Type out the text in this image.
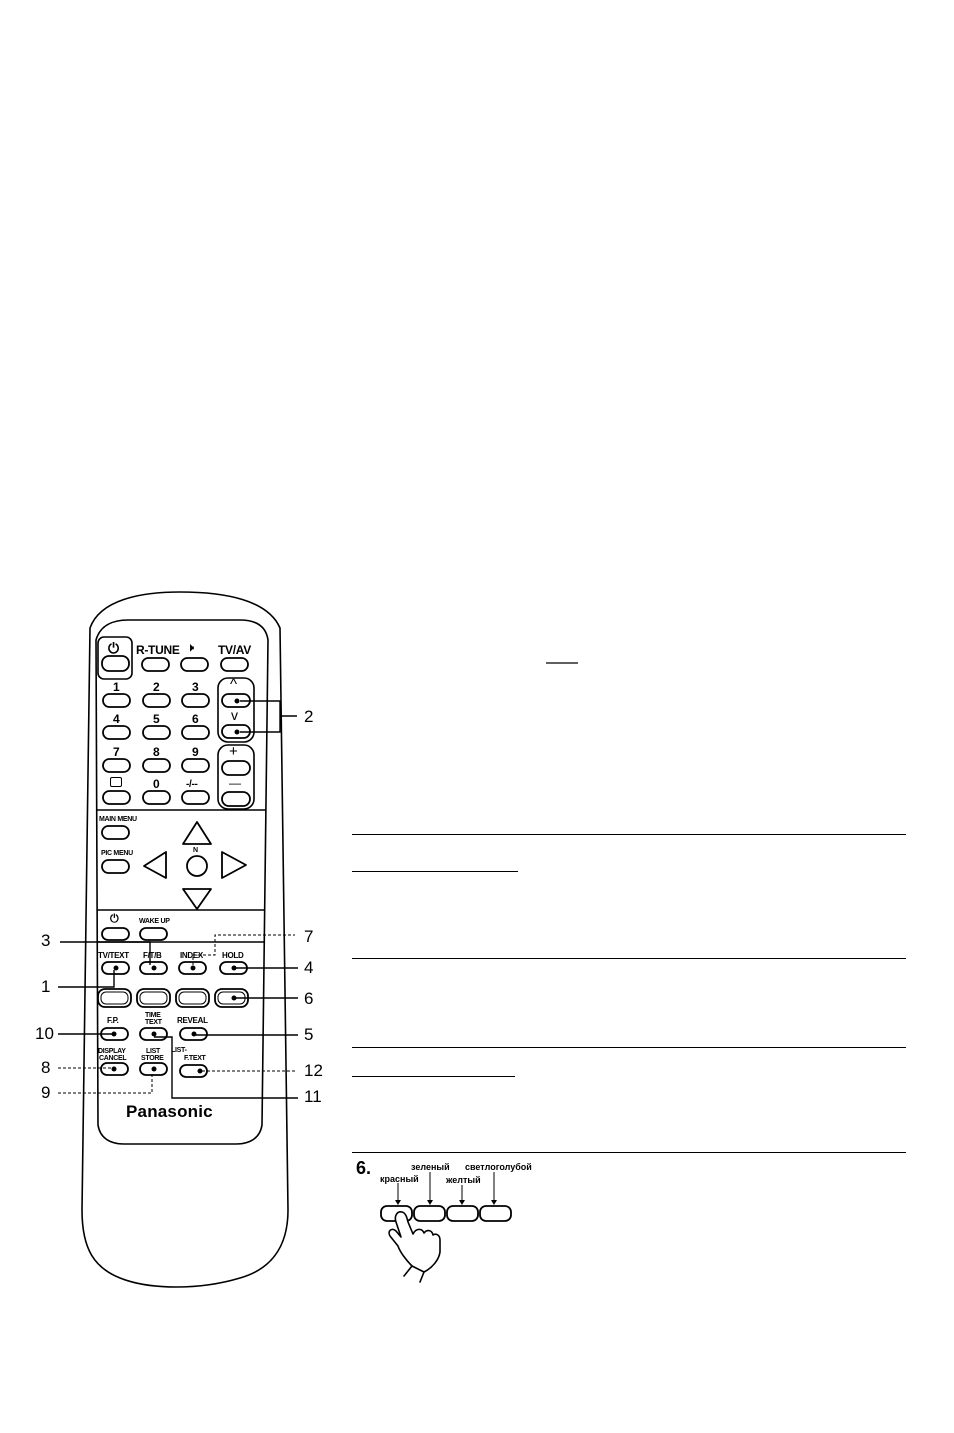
⏻ R-TUNE 🕨 TV/AV
1	2	3
4	5	6
7	8	9
0	-/--
^
v
+
—
MAIN MENU
PIC MENU	N
⏻	WAKE UP
TV/TEXT F/T/B INDEX HOLD
F.P.
TIME
TEXT REVEAL
DISPLAY
CANCEL
LIST
STORE
LIST-
F.TEXT
Panasonic
1
2
3
4
5
6
7
8
9
10
11
12
6.
красный
зеленый
желтый
светлоголубой
